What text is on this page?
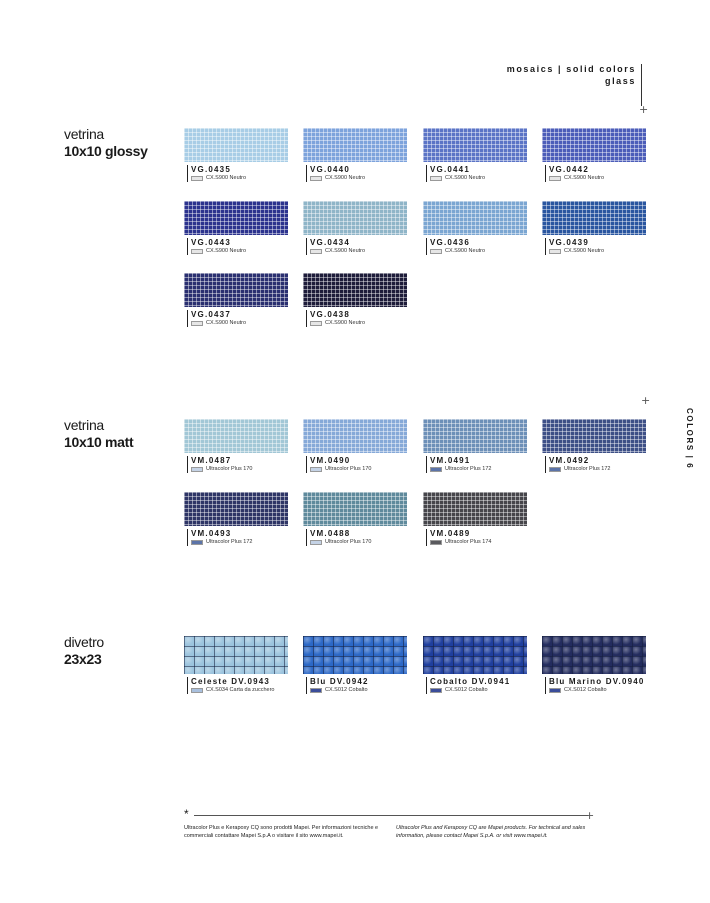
mosaics | solid colors
glass
+
+
COLORS | 6
vetrina
10x10 glossy
VG.0435
CX.S900 Neutro
VG.0440
CX.S900 Neutro
VG.0441
CX.S900 Neutro
VG.0442
CX.S900 Neutro
VG.0443
CX.S900 Neutro
VG.0434
CX.S900 Neutro
VG.0436
CX.S900 Neutro
VG.0439
CX.S900 Neutro
VG.0437
CX.S900 Neutro
VG.0438
CX.S900 Neutro
vetrina
10x10 matt
VM.0487
Ultracolor Plus 170
VM.0490
Ultracolor Plus 170
VM.0491
Ultracolor Plus 172
VM.0492
Ultracolor Plus 172
VM.0493
Ultracolor Plus 172
VM.0488
Ultracolor Plus 170
VM.0489
Ultracolor Plus 174
divetro
23x23
Celeste DV.0943
CX.S034 Carta da zucchero
Blu DV.0942
CX.S012 Cobalto
Cobalto DV.0941
CX.S012 Cobalto
Blu Marino DV.0940
CX.S012 Cobalto
*	+
Ultracolor Plus e Kerapoxy CQ sono prodotti Mapei. Per informazioni tecniche e commerciali contattare Mapei S.p.A o visitare il sito www.mapei.it.
Ultracolor Plus and Kerapoxy CQ are Mapei products. For technical and sales information, please contact Mapei S.p.A. or visit www.mapei.it.
